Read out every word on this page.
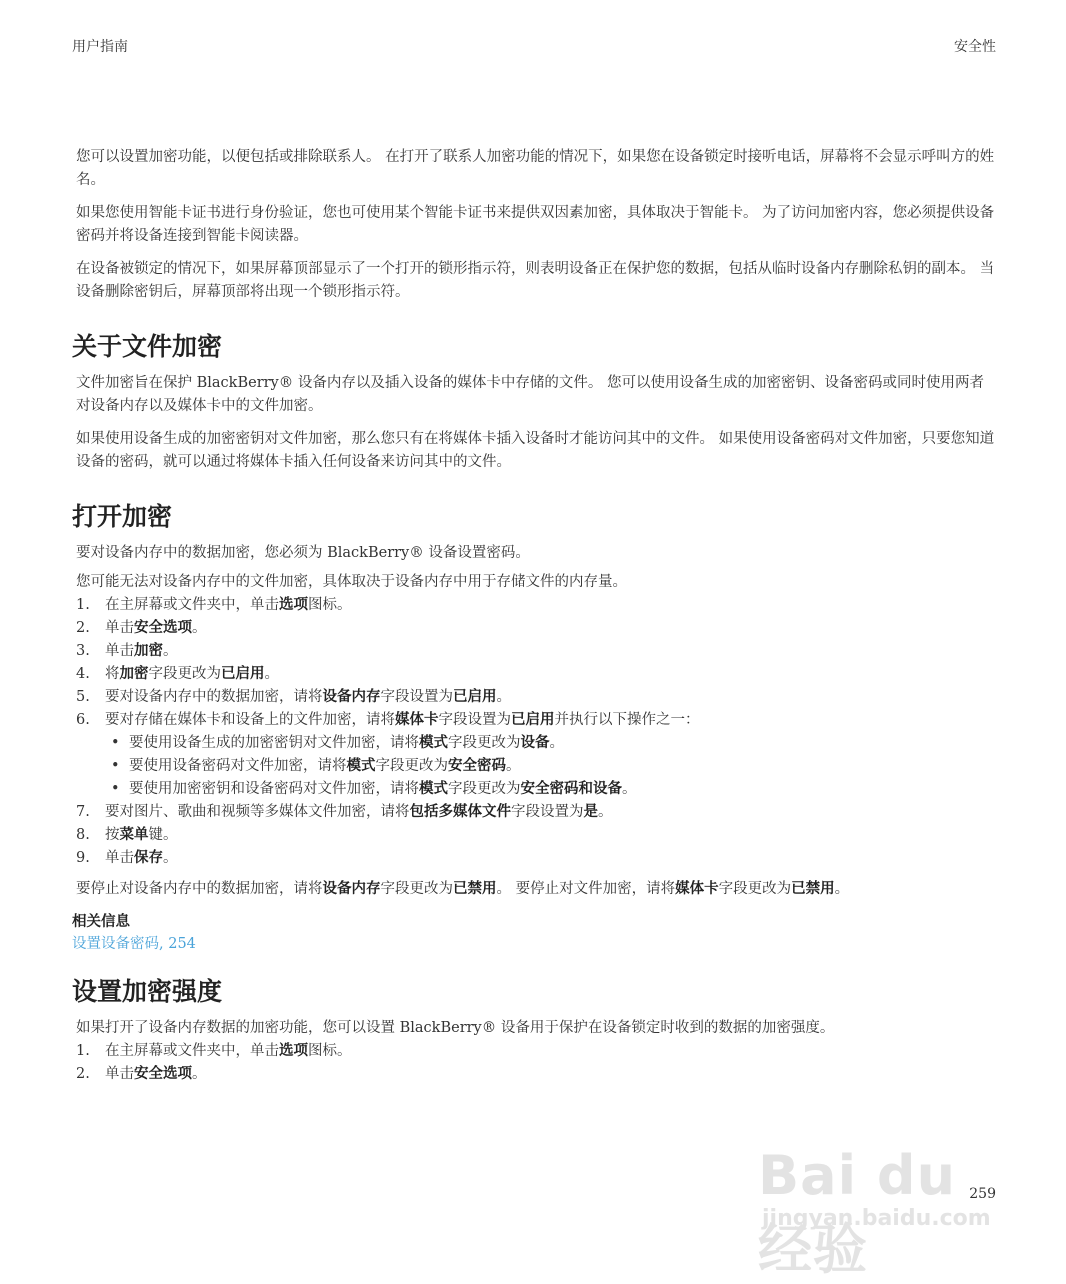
用户指南	安全性

您可以设置加密功能，以便包括或排除联系人。 在打开了联系人加密功能的情况下，如果您在设备锁定时接听电话，屏幕将不会显示呼叫方的姓名。

如果您使用智能卡证书进行身份验证，您也可使用某个智能卡证书来提供双因素加密，具体取决于智能卡。 为了访问加密内容，您必须提供设备密码并将设备连接到智能卡阅读器。

在设备被锁定的情况下，如果屏幕顶部显示了一个打开的锁形指示符，则表明设备正在保护您的数据，包括从临时设备内存删除私钥的副本。 当设备删除密钥后，屏幕顶部将出现一个锁形指示符。

关于文件加密

文件加密旨在保护 BlackBerry® 设备内存以及插入设备的媒体卡中存储的文件。 您可以使用设备生成的加密密钥、设备密码或同时使用两者对设备内存以及媒体卡中的文件加密。

如果使用设备生成的加密密钥对文件加密，那么您只有在将媒体卡插入设备时才能访问其中的文件。 如果使用设备密码对文件加密，只要您知道设备的密码，就可以通过将媒体卡插入任何设备来访问其中的文件。

打开加密

要对设备内存中的数据加密，您必须为 BlackBerry® 设备设置密码。

您可能无法对设备内存中的文件加密，具体取决于设备内存中用于存储文件的内存量。

1. 在主屏幕或文件夹中，单击选项图标。
2. 单击安全选项。
3. 单击加密。
4. 将加密字段更改为已启用。
5. 要对设备内存中的数据加密，请将设备内存字段设置为已启用。
6. 要对存储在媒体卡和设备上的文件加密，请将媒体卡字段设置为已启用并执行以下操作之一：
• 要使用设备生成的加密密钥对文件加密，请将模式字段更改为设备。
• 要使用设备密码对文件加密，请将模式字段更改为安全密码。
• 要使用加密密钥和设备密码对文件加密，请将模式字段更改为安全密码和设备。
7. 要对图片、歌曲和视频等多媒体文件加密，请将包括多媒体文件字段设置为是。
8. 按菜单键。
9. 单击保存。

要停止对设备内存中的数据加密，请将设备内存字段更改为已禁用。 要停止对文件加密，请将媒体卡字段更改为已禁用。

相关信息
设置设备密码, 254
设置加密强度

如果打开了设备内存数据的加密功能，您可以设置 BlackBerry® 设备用于保护在设备锁定时收到的数据的加密强度。

1. 在主屏幕或文件夹中，单击选项图标。
2. 单击安全选项。
Bai du 经验
jingyan.baidu.com
259
